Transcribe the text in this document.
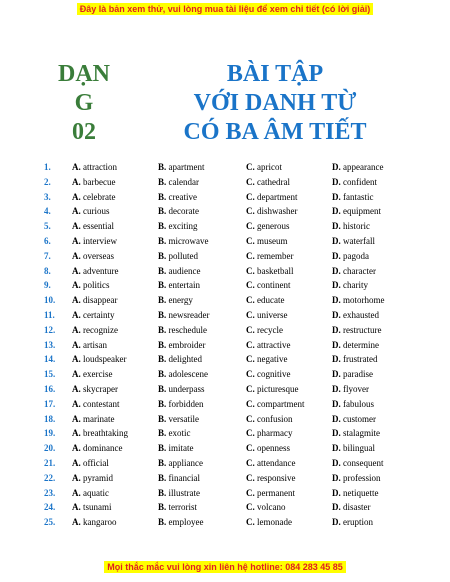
Đây là bản xem thử, vui lòng mua tài liệu để xem chi tiết (có lời giải)
DẠN
G
02
BÀI TẬP
VỚI DANH TỪ
CÓ BA ÂM TIẾT
1. A. attraction	B. apartment	C. apricot	D. appearance
2. A. barbecue	B. calendar	C. cathedral	D. confident
3. A. celebrate	B. creative	C. department	D. fantastic
4. A. curious	B. decorate	C. dishwasher	D. equipment
5. A. essential	B. exciting	C. generous	D. historic
6. A. interview	B. microwave	C. museum	D. waterfall
7. A. overseas	B. polluted	C. remember	D. pagoda
8. A. adventure	B. audience	C. basketball	D. character
9. A. politics	B. entertain	C. continent	D. charity
10. A. disappear	B. energy	C. educate	D. motorhome
11. A. certainty	B. newsreader	C. universe	D. exhausted
12. A. recognize	B. reschedule	C. recycle	D. restructure
13. A. artisan	B. embroider	C. attractive	D. determine
14. A. loudspeaker	B. delighted	C. negative	D. frustrated
15. A. exercise	B. adolescene	C. cognitive	D. paradise
16. A. skycraper	B. underpass	C. picturesque	D. flyover
17. A. contestant	B. forbidden	C. compartment	D. fabulous
18. A. marinate	B. versatile	C. confusion	D. customer
19. A. breathtaking	B. exotic	C. pharmacy	D. stalagmite
20. A. dominance	B. imitate	C. openness	D. bilingual
21. A. official	B. appliance	C. attendance	D. consequent
22. A. pyramid	B. financial	C. responsive	D. profession
23. A. aquatic	B. illustrate	C. permanent	D. netiquette
24. A. tsunami	B. terrorist	C. volcano	D. disaster
25. A. kangaroo	B. employee	C. lemonade	D. eruption
Mọi thắc mắc vui lòng xin liên hệ hotline: 084 283 45 85
